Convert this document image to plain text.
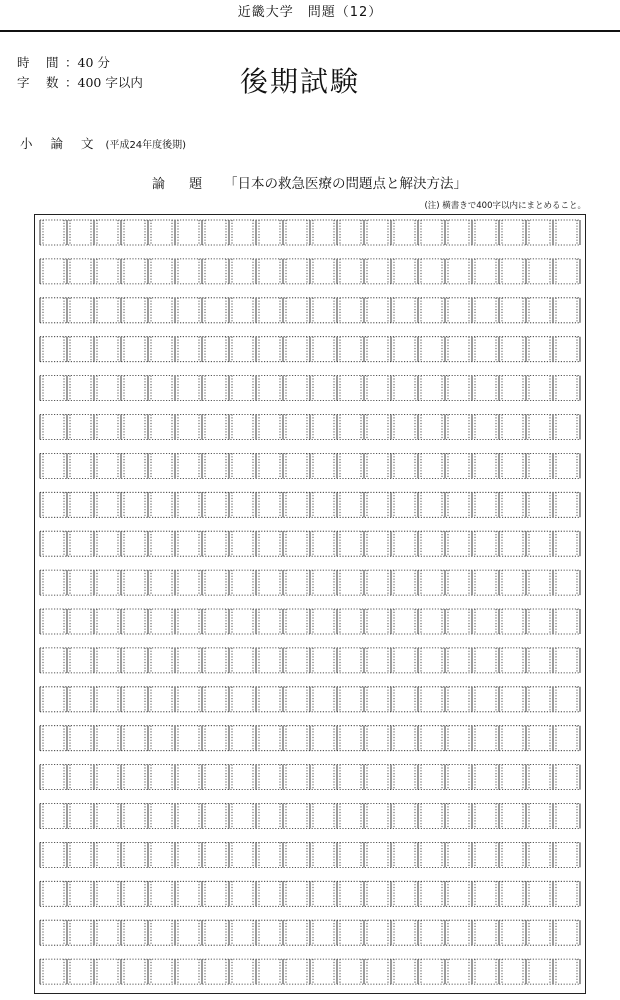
近畿大学　問題（12）
時　間 ：40 分
字　数 ：400 字以内	後期試験
小 論 文 (平成24年度後期)
論 題 「日本の救急医療の問題点と解決方法」
(注) 横書きで400字以内にまとめること。
